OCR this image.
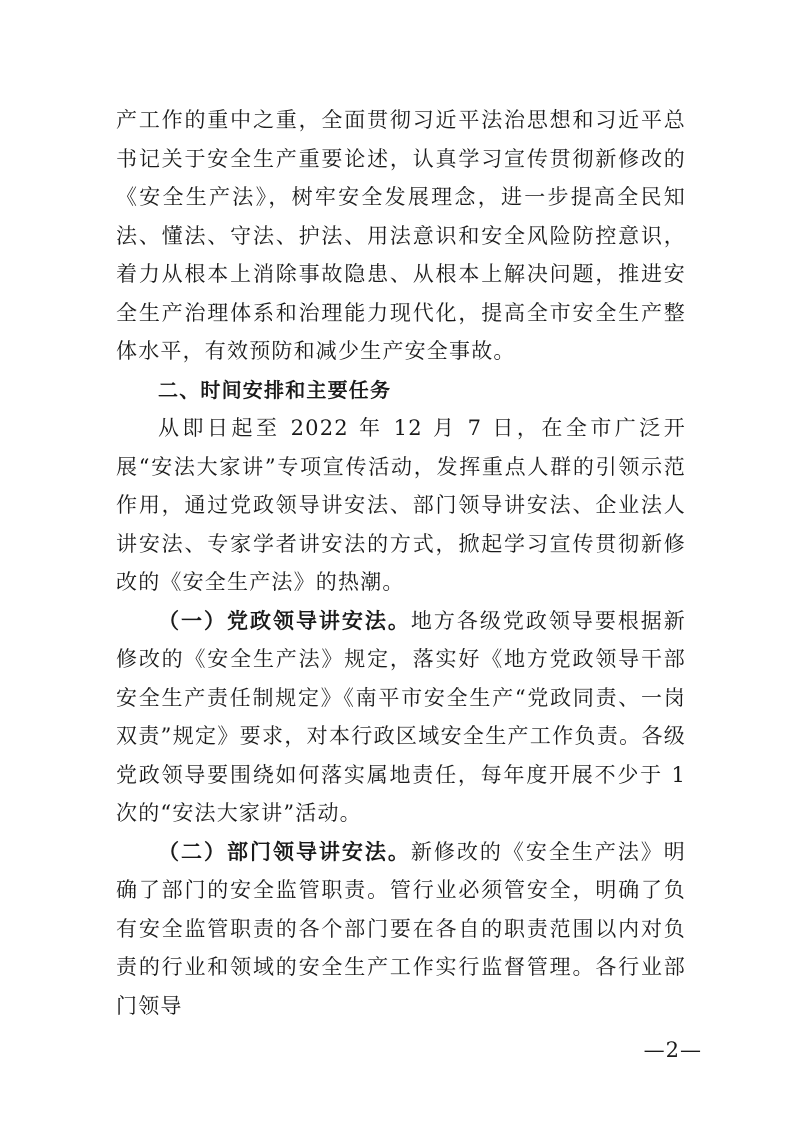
产工作的重中之重，全面贯彻习近平法治思想和习近平总书记关于安全生产重要论述，认真学习宣传贯彻新修改的《安全生产法》，树牢安全发展理念，进一步提高全民知法、懂法、守法、护法、用法意识和安全风险防控意识，着力从根本上消除事故隐患、从根本上解决问题，推进安全生产治理体系和治理能力现代化，提高全市安全生产整体水平，有效预防和减少生产安全事故。

二、时间安排和主要任务

从即日起至 2022 年 12 月 7 日，在全市广泛开展“安法大家讲”专项宣传活动，发挥重点人群的引领示范作用，通过党政领导讲安法、部门领导讲安法、企业法人讲安法、专家学者讲安法的方式，掀起学习宣传贯彻新修改的《安全生产法》的热潮。

（一）党政领导讲安法。地方各级党政领导要根据新修改的《安全生产法》规定，落实好《地方党政领导干部安全生产责任制规定》《南平市安全生产“党政同责、一岗双责”规定》要求，对本行政区域安全生产工作负责。各级党政领导要围绕如何落实属地责任，每年度开展不少于 1 次的“安法大家讲”活动。

（二）部门领导讲安法。新修改的《安全生产法》明确了部门的安全监管职责。管行业必须管安全，明确了负有安全监管职责的各个部门要在各自的职责范围以内对负责的行业和领域的安全生产工作实行监督管理。各行业部门领导

—2—
